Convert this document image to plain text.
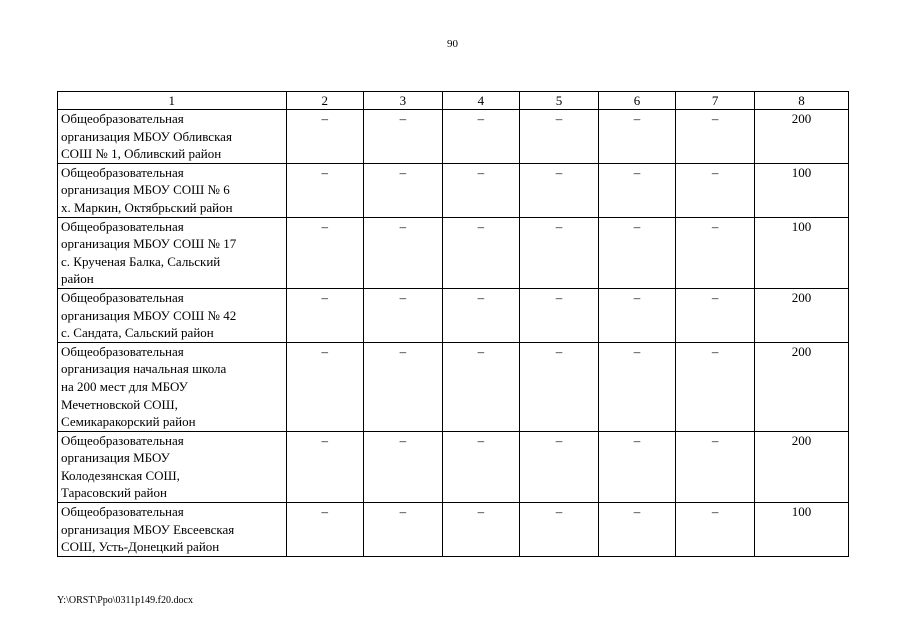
90
1	2	3	4	5	6	7	8

Общеобразовательная
организация МБОУ Обливская
СОШ № 1, Обливский район	–	–	–	–	–	–	200

Общеобразовательная
организация МБОУ СОШ № 6
х. Маркин, Октябрьский район	–	–	–	–	–	–	100

Общеобразовательная
организация МБОУ СОШ № 17
с. Крученая Балка, Сальский
район	–	–	–	–	–	–	100

Общеобразовательная
организация МБОУ СОШ № 42
с. Сандата, Сальский район	–	–	–	–	–	–	200

Общеобразовательная
организация начальная школа
на 200 мест для МБОУ
Мечетновской СОШ,
Семикаракорский район	–	–	–	–	–	–	200

Общеобразовательная
организация МБОУ
Колодезянская СОШ,
Тарасовский район	–	–	–	–	–	–	200

Общеобразовательная
организация МБОУ Евсеевская
СОШ, Усть-Донецкий район	–	–	–	–	–	–	100
Y:\ORST\Ppo\0311p149.f20.docx
